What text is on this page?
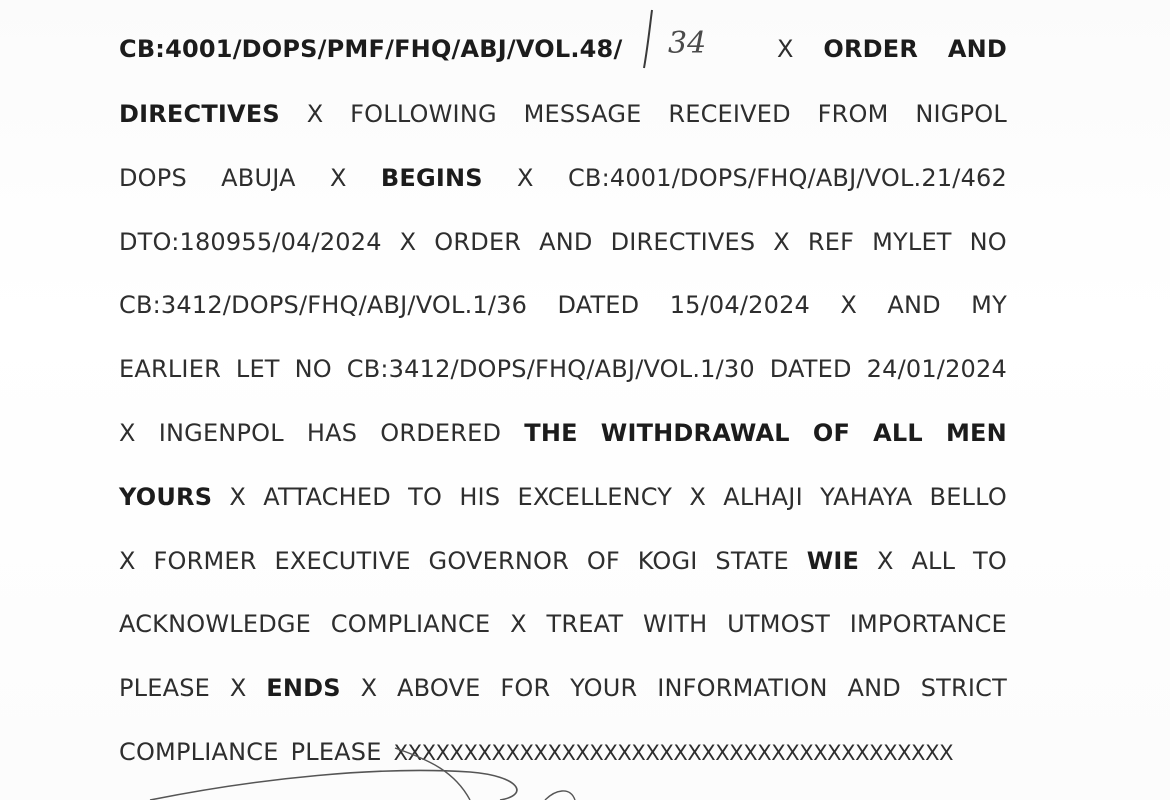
CB:4001/DOPS/PMF/FHQ/ABJ/VOL.48/	X ORDER AND
DIRECTIVES X FOLLOWING MESSAGE RECEIVED FROM NIGPOL
DOPS ABUJA X BEGINS X CB:4001/DOPS/FHQ/ABJ/VOL.21/462
DTO:180955/04/2024 X ORDER AND DIRECTIVES X REF MYLET NO
CB:3412/DOPS/FHQ/ABJ/VOL.1/36 DATED 15/04/2024 X AND MY
EARLIER LET NO CB:3412/DOPS/FHQ/ABJ/VOL.1/30 DATED 24/01/2024
X INGENPOL HAS ORDERED THE WITHDRAWAL OF ALL MEN
YOURS X ATTACHED TO HIS EXCELLENCY X ALHAJI YAHAYA BELLO
X FORMER EXECUTIVE GOVERNOR OF KOGI STATE WIE X ALL TO
ACKNOWLEDGE COMPLIANCE X TREAT WITH UTMOST IMPORTANCE
PLEASE X ENDS X ABOVE FOR YOUR INFORMATION AND STRICT
COMPLIANCE PLEASE XXXXXXXXXXXXXXXXXXXXXXXXXXXXXXXXXXXXXXXX
34
